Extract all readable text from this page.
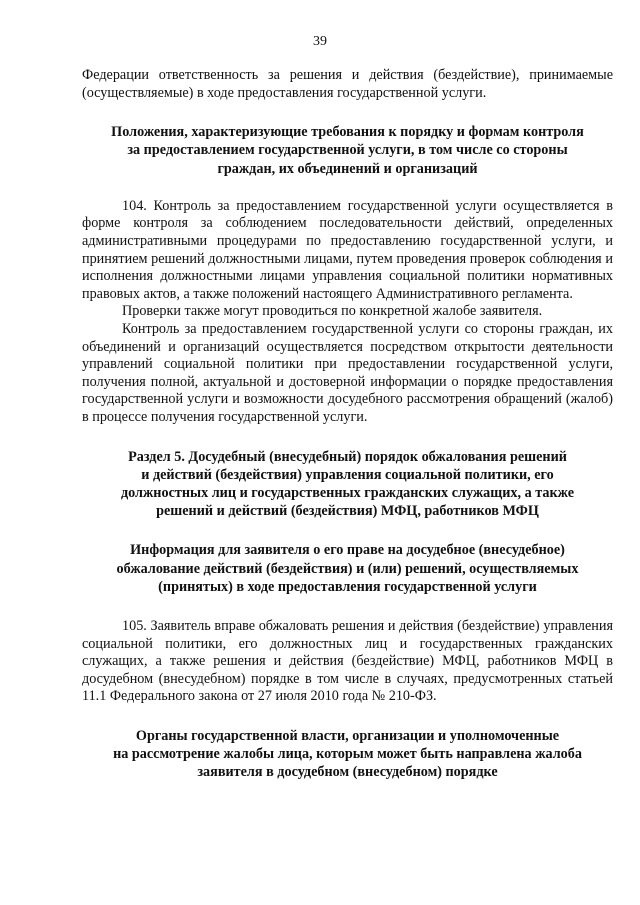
39

Федерации ответственность за решения и действия (бездействие), принимаемые (осуществляемые) в ходе предоставления государственной услуги.

Положения, характеризующие требования к порядку и формам контроля
за предоставлением государственной услуги, в том числе со стороны
граждан, их объединений и организаций

104. Контроль за предоставлением государственной услуги осуществляется в форме контроля за соблюдением последовательности действий, определенных административными процедурами по предоставлению государственной услуги, и принятием решений должностными лицами, путем проведения проверок соблюдения и исполнения должностными лицами управления социальной политики нормативных правовых актов, а также положений настоящего Административного регламента.

Проверки также могут проводиться по конкретной жалобе заявителя.

Контроль за предоставлением государственной услуги со стороны граждан, их объединений и организаций осуществляется посредством открытости деятельности управлений социальной политики при предоставлении государственной услуги, получения полной, актуальной и достоверной информации о порядке предоставления государственной услуги и возможности досудебного рассмотрения обращений (жалоб) в процессе получения государственной услуги.

Раздел 5. Досудебный (внесудебный) порядок обжалования решений
и действий (бездействия) управления социальной политики, его
должностных лиц и государственных гражданских служащих, а также
решений и действий (бездействия) МФЦ, работников МФЦ
Информация для заявителя о его праве на досудебное (внесудебное)
обжалование действий (бездействия) и (или) решений, осуществляемых
(принятых) в ходе предоставления государственной услуги

105. Заявитель вправе обжаловать решения и действия (бездействие) управления социальной политики, его должностных лиц и государственных гражданских служащих, а также решения и действия (бездействие) МФЦ, работников МФЦ в досудебном (внесудебном) порядке в том числе в случаях, предусмотренных статьей 11.1 Федерального закона от 27 июля 2010 года № 210-ФЗ.

Органы государственной власти, организации и уполномоченные
на рассмотрение жалобы лица, которым может быть направлена жалоба
заявителя в досудебном (внесудебном) порядке
